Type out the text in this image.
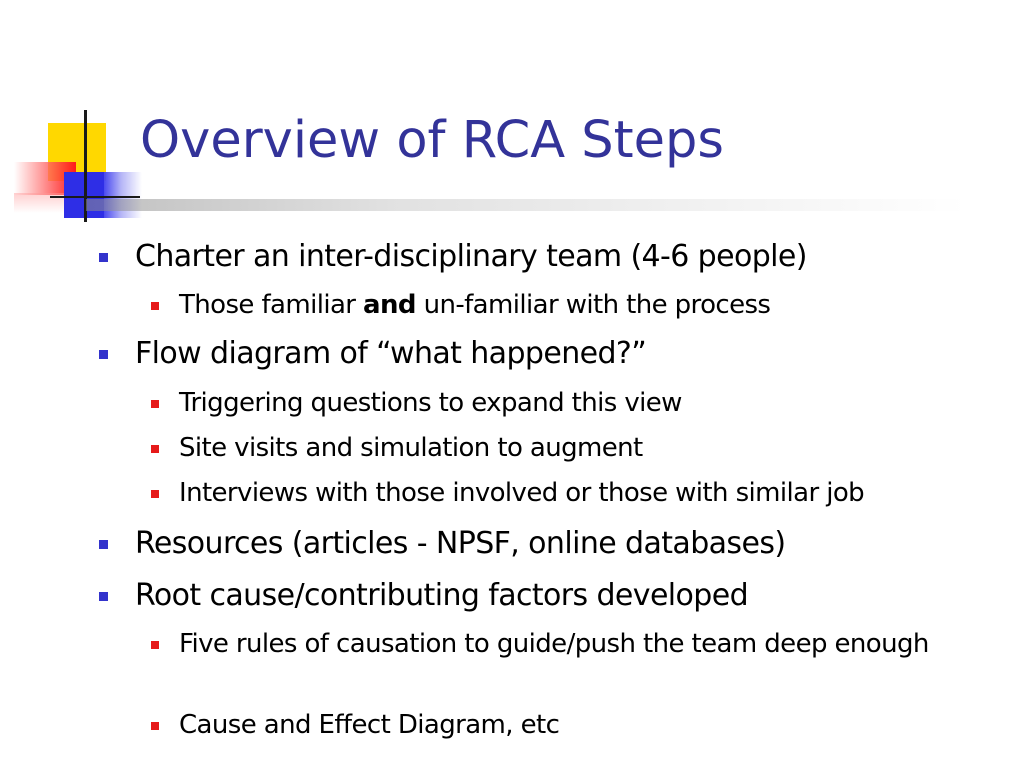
Overview of RCA Steps

Charter an inter-disciplinary team (4-6 people)

Those familiar and un-familiar with the process

Flow diagram of “what happened?”

Triggering questions to expand this view

Site visits and simulation to augment

Interviews with those involved or those with similar job

Resources (articles - NPSF, online databases)

Root cause/contributing factors developed

Five rules of causation to guide/push the team deep enough

Cause and Effect Diagram, etc
